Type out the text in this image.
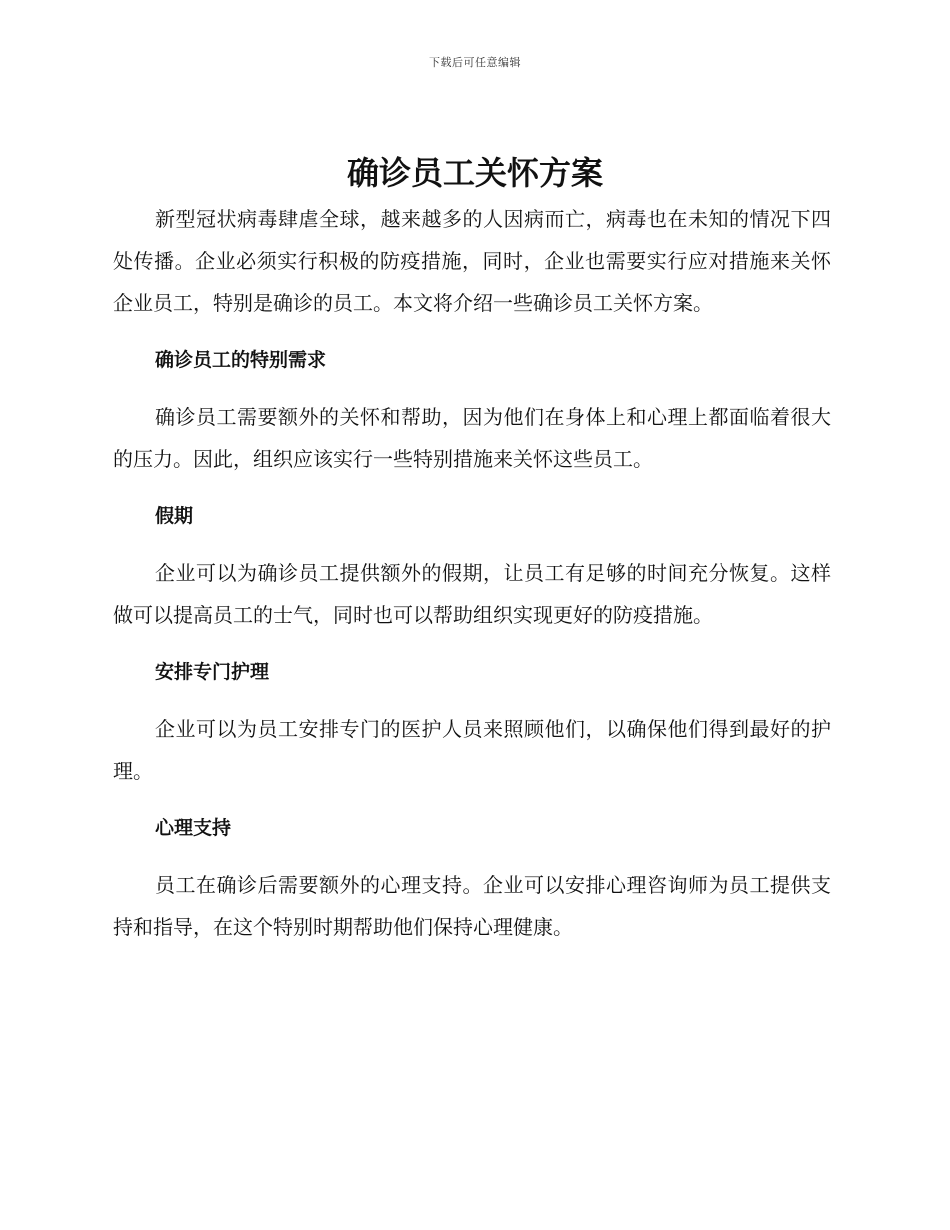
下载后可任意编辑
确诊员工关怀方案

新型冠状病毒肆虐全球，越来越多的人因病而亡，病毒也在未知的情况下四处传播。企业必须实行积极的防疫措施，同时，企业也需要实行应对措施来关怀企业员工，特别是确诊的员工。本文将介绍一些确诊员工关怀方案。

确诊员工的特别需求

确诊员工需要额外的关怀和帮助，因为他们在身体上和心理上都面临着很大的压力。因此，组织应该实行一些特别措施来关怀这些员工。

假期

企业可以为确诊员工提供额外的假期，让员工有足够的时间充分恢复。这样做可以提高员工的士气，同时也可以帮助组织实现更好的防疫措施。

安排专门护理

企业可以为员工安排专门的医护人员来照顾他们，以确保他们得到最好的护理。

心理支持

员工在确诊后需要额外的心理支持。企业可以安排心理咨询师为员工提供支持和指导，在这个特别时期帮助他们保持心理健康。
